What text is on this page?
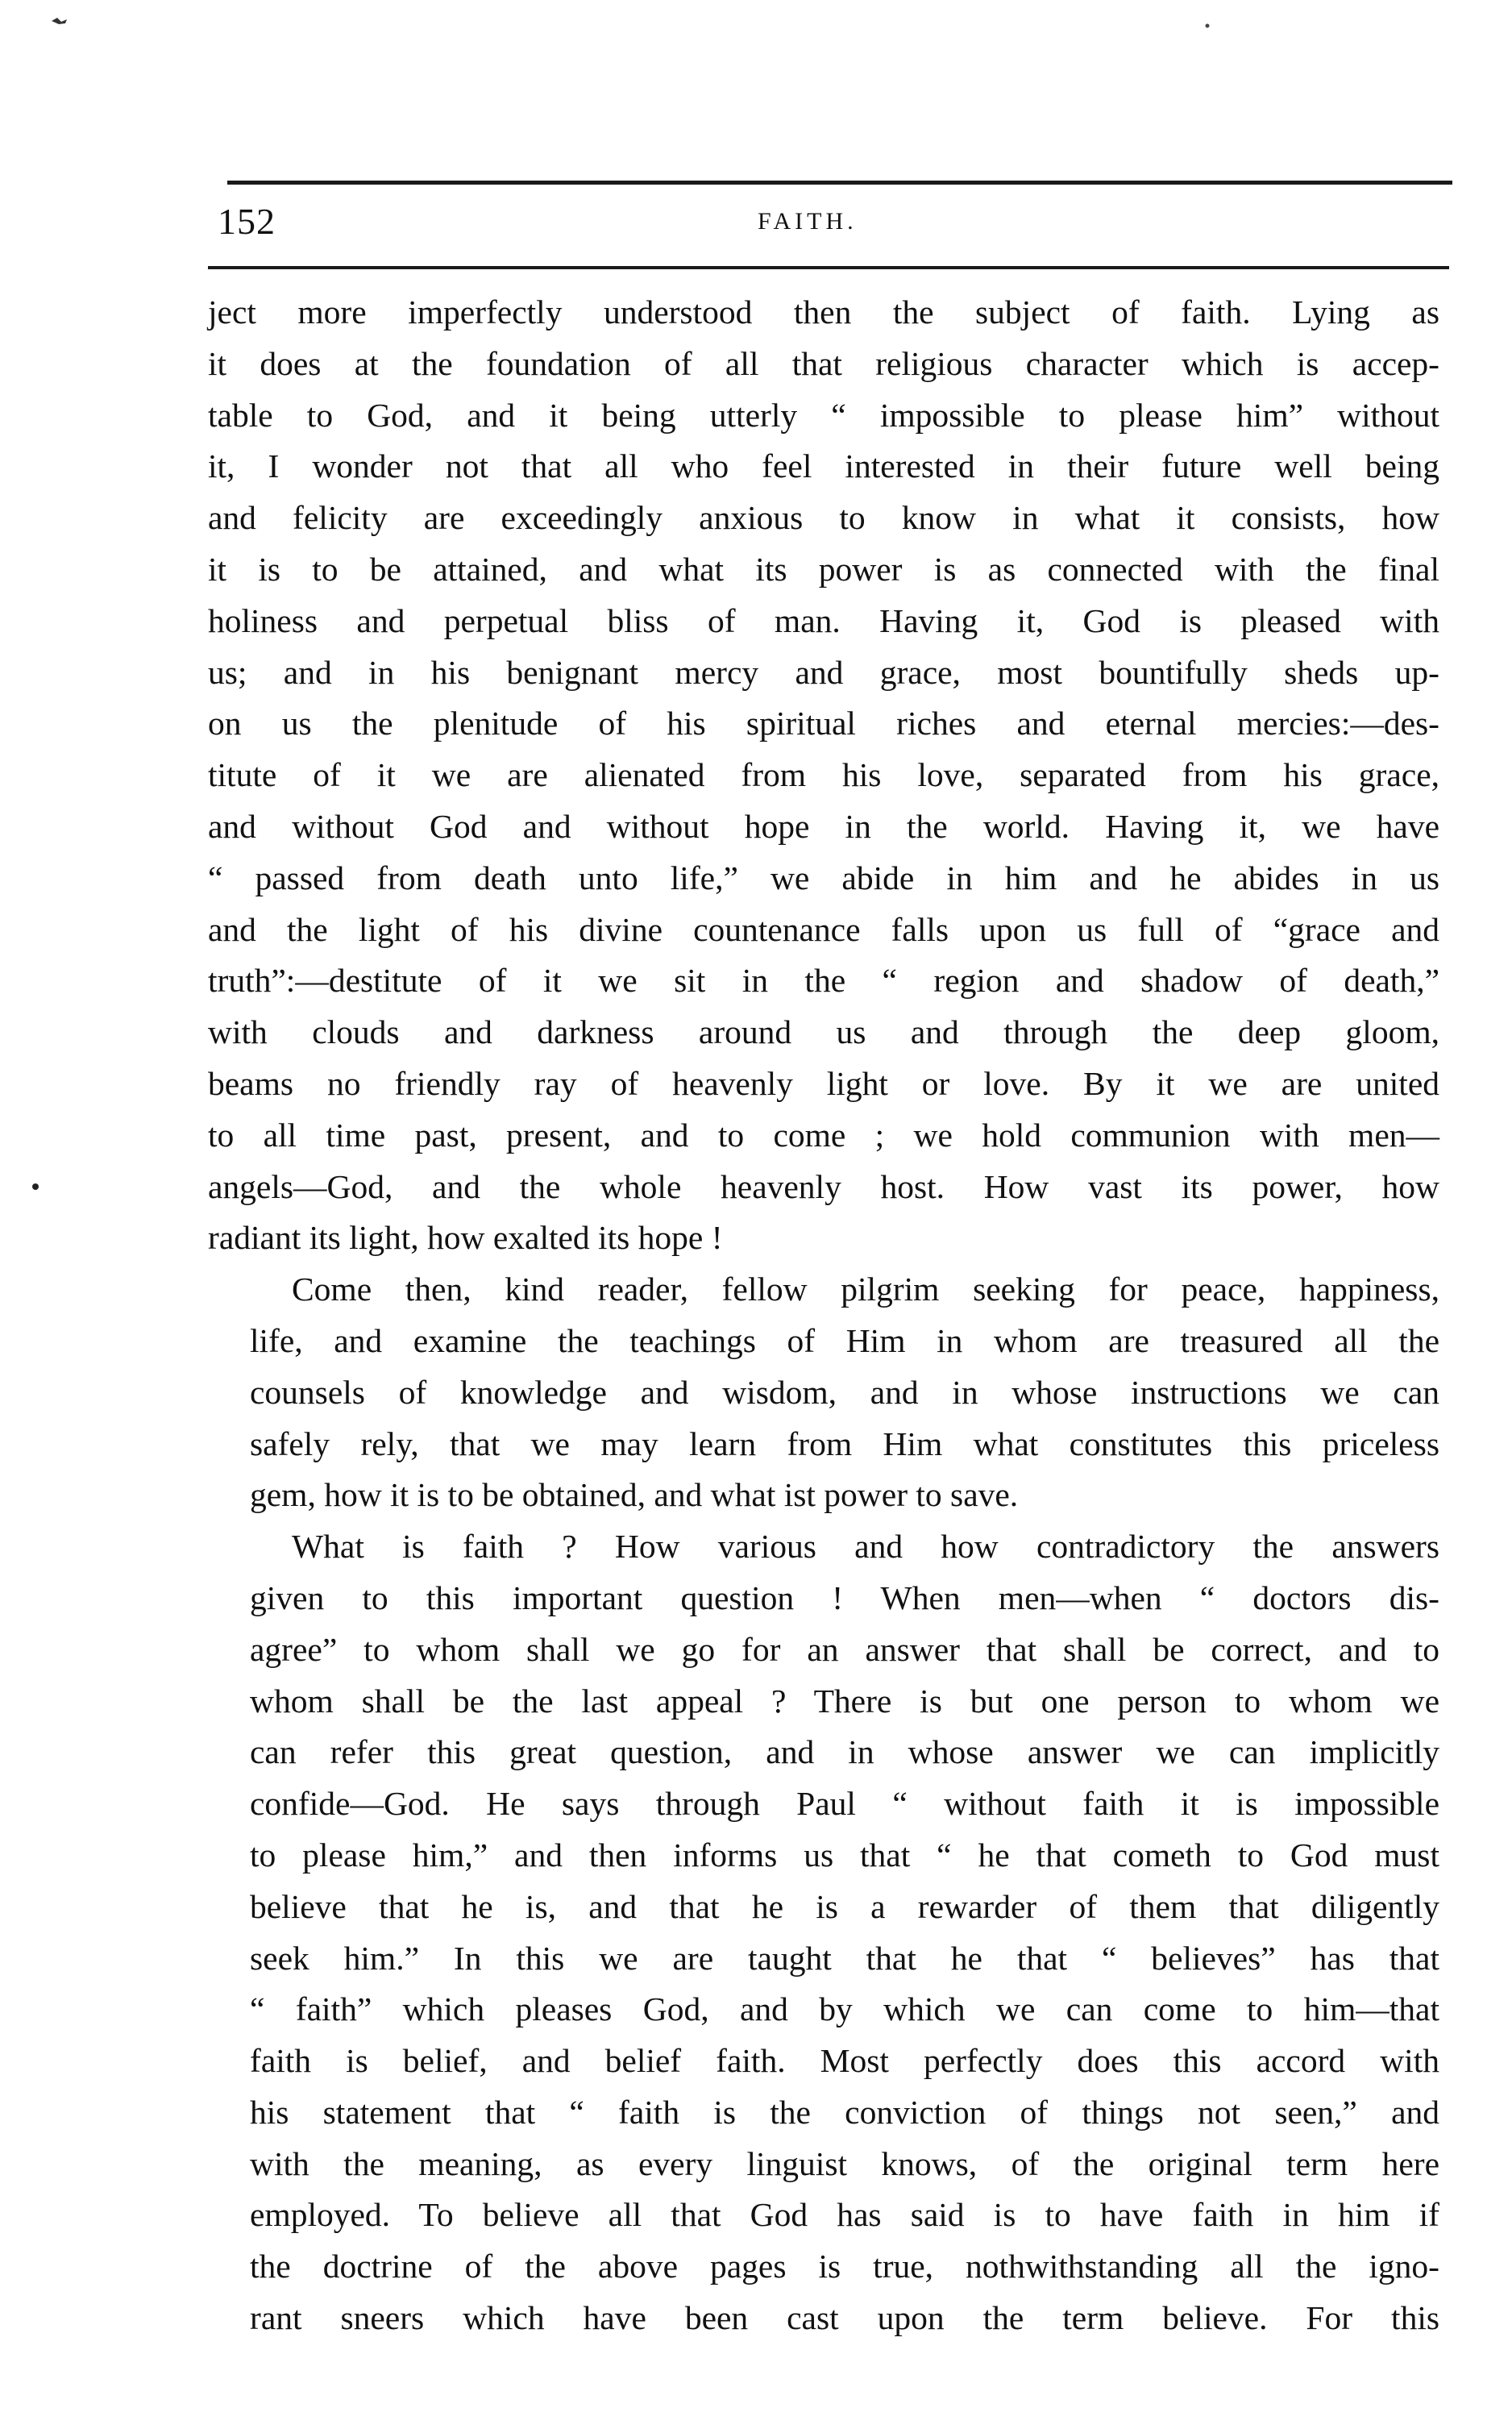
152	FAITH.

ject more imperfectly understood then the subject of faith. Lying as
it does at the foundation of all that religious character which is accep-
table to God, and it being utterly “ impossible to please him” without
it, I wonder not that all who feel interested in their future well being
and felicity are exceedingly anxious to know in what it consists, how
it is to be attained, and what its power is as connected with the final
holiness and perpetual bliss of man. Having it, God is pleased with
us; and in his benignant mercy and grace, most bountifully sheds up-
on us the plenitude of his spiritual riches and eternal mercies:—des-
titute of it we are alienated from his love, separated from his grace,
and without God and without hope in the world. Having it, we have
“ passed from death unto life,” we abide in him and he abides in us
and the light of his divine countenance falls upon us full of “grace and
truth”:—destitute of it we sit in the “ region and shadow of death,”
with clouds and darkness around us and through the deep gloom,
beams no friendly ray of heavenly light or love. By it we are united
to all time past, present, and to come ; we hold communion with men—
angels—God, and the whole heavenly host. How vast its power, how
radiant its light, how exalted its hope !

Come then, kind reader, fellow pilgrim seeking for peace, happiness,
life, and examine the teachings of Him in whom are treasured all the
counsels of knowledge and wisdom, and in whose instructions we can
safely rely, that we may learn from Him what constitutes this priceless
gem, how it is to be obtained, and what ist power to save.

What is faith ? How various and how contradictory the answers
given to this important question ! When men—when “ doctors dis-
agree” to whom shall we go for an answer that shall be correct, and to
whom shall be the last appeal ? There is but one person to whom we
can refer this great question, and in whose answer we can implicitly
confide—God. He says through Paul “ without faith it is impossible
to please him,” and then informs us that “ he that cometh to God must
believe that he is, and that he is a rewarder of them that diligently
seek him.” In this we are taught that he that “ believes” has that
“ faith” which pleases God, and by which we can come to him—that
faith is belief, and belief faith. Most perfectly does this accord with
his statement that “ faith is the conviction of things not seen,” and
with the meaning, as every linguist knows, of the original term here
employed. To believe all that God has said is to have faith in him if
the doctrine of the above pages is true, nothwithstanding all the igno-
rant sneers which have been cast upon the term believe. For this
